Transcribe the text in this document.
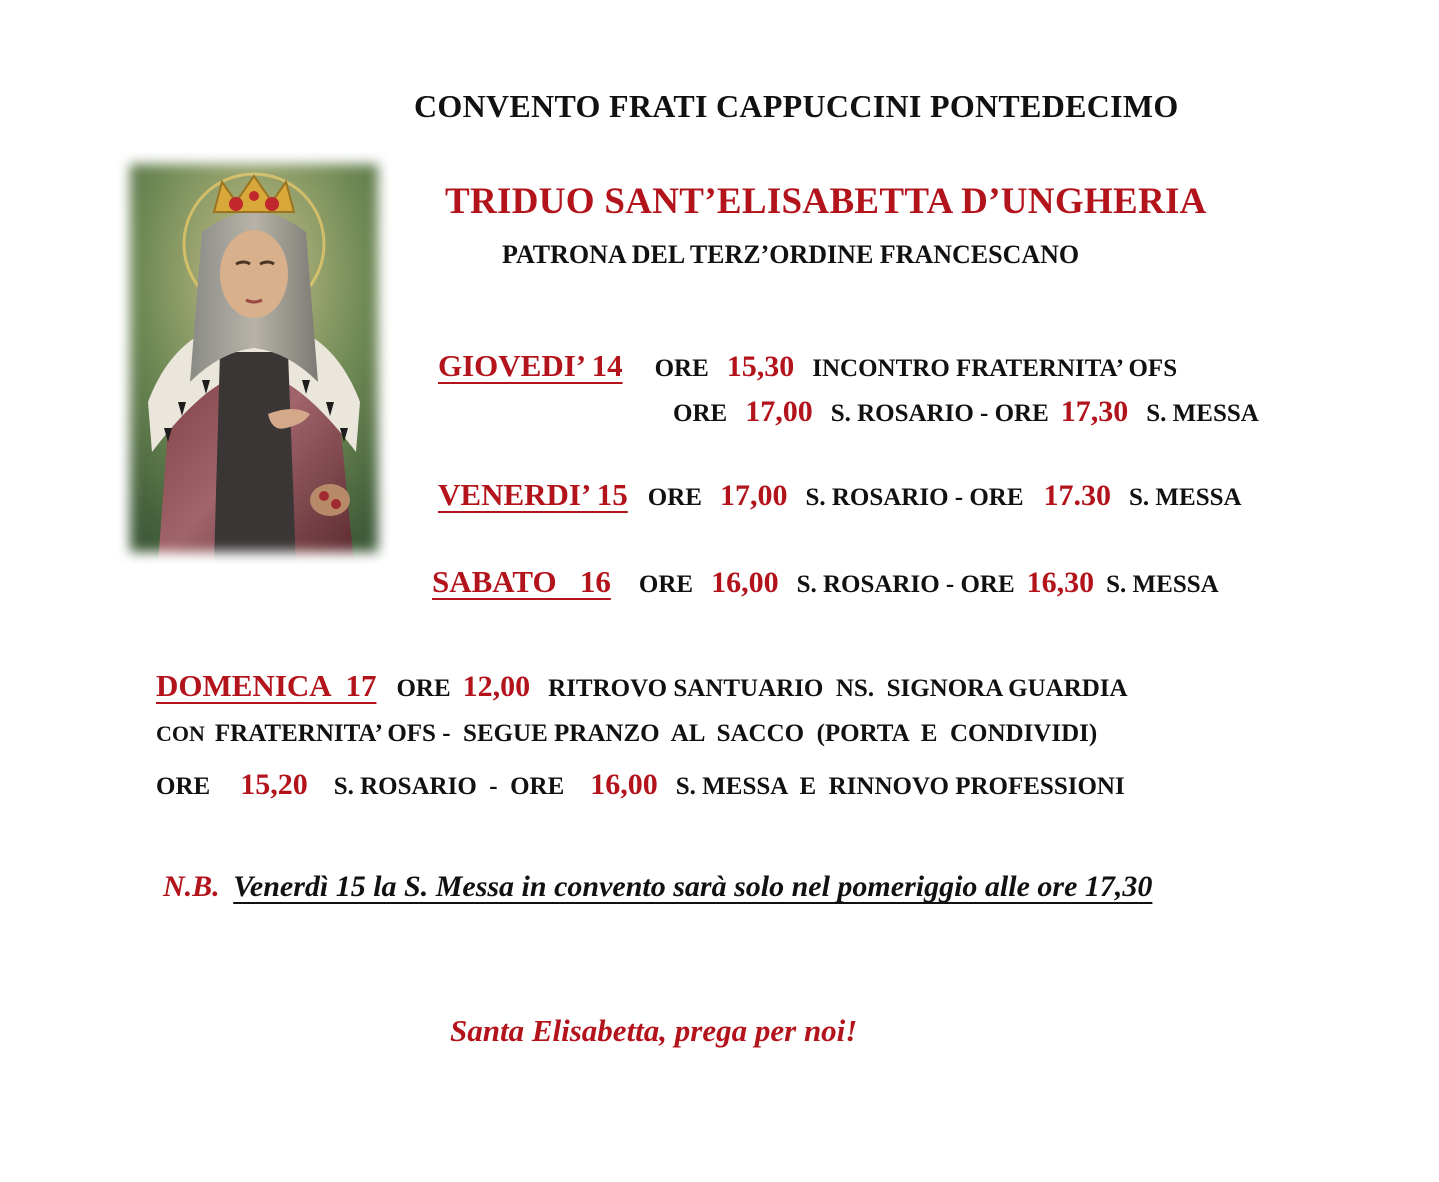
CONVENTO FRATI CAPPUCCINI PONTEDECIMO
TRIDUO SANT’ELISABETTA D’UNGHERIA
PATRONA DEL TERZ’ORDINE FRANCESCANO
GIOVEDI’ 14 ORE 15,30 INCONTRO FRATERNITA’ OFS
ORE 17,00 S. ROSARIO - ORE 17,30 S. MESSA
VENERDI’ 15 ORE 17,00 S. ROSARIO - ORE 17.30 S. MESSA
SABATO   16 ORE 16,00 S. ROSARIO - ORE 16,30 S. MESSA
DOMENICA  17 ORE 12,00 RITROVO SANTUARIO  NS.  SIGNORA GUARDIA
CON FRATERNITA’ OFS -  SEGUE PRANZO  AL  SACCO  (PORTA  E  CONDIVIDI)
ORE 15,20 S. ROSARIO  -  ORE 16,00 S. MESSA  E  RINNOVO PROFESSIONI
N.B. Venerdì 15 la S. Messa in convento sarà solo nel pomeriggio alle ore 17,30
Santa Elisabetta, prega per noi!
